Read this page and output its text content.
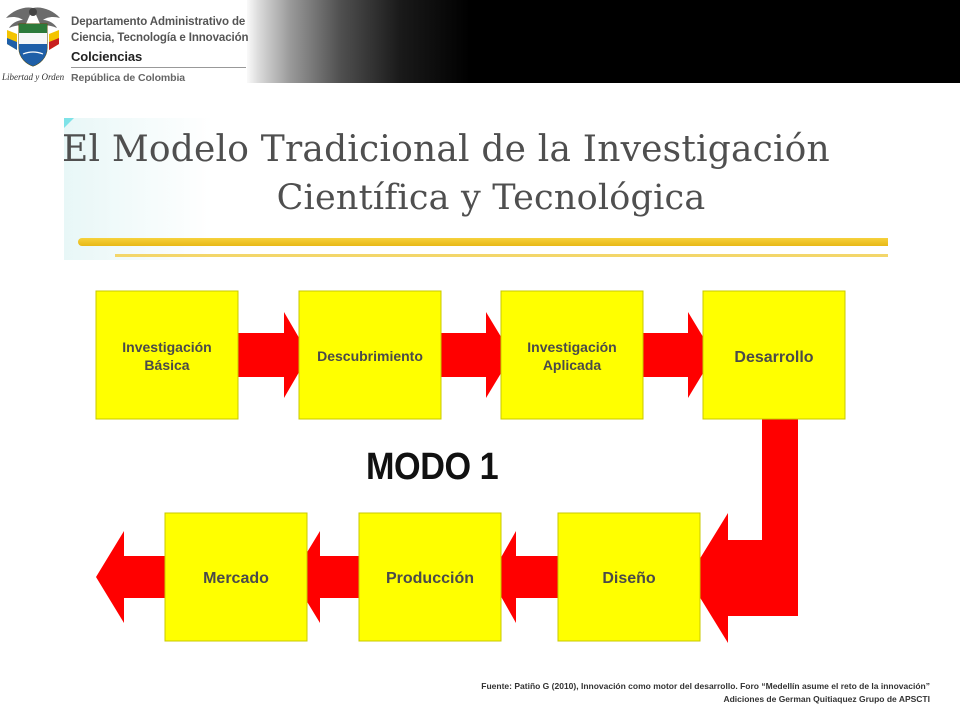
Libertad y Orden
Departamento Administrativo de
Ciencia, Tecnología e Innovación
Colciencias
República de Colombia
El Modelo Tradicional de la Investigación
Científica y Tecnológica
Investigación
Básica
Descubrimiento
Investigación
Aplicada	Desarrollo
Mercado	Producción	Diseño
MODO 1
Fuente: Patiño G (2010), Innovación como motor del desarrollo. Foro “Medellín asume el reto de la innovación”
Adiciones de German Quitiaquez Grupo de APSCTI
